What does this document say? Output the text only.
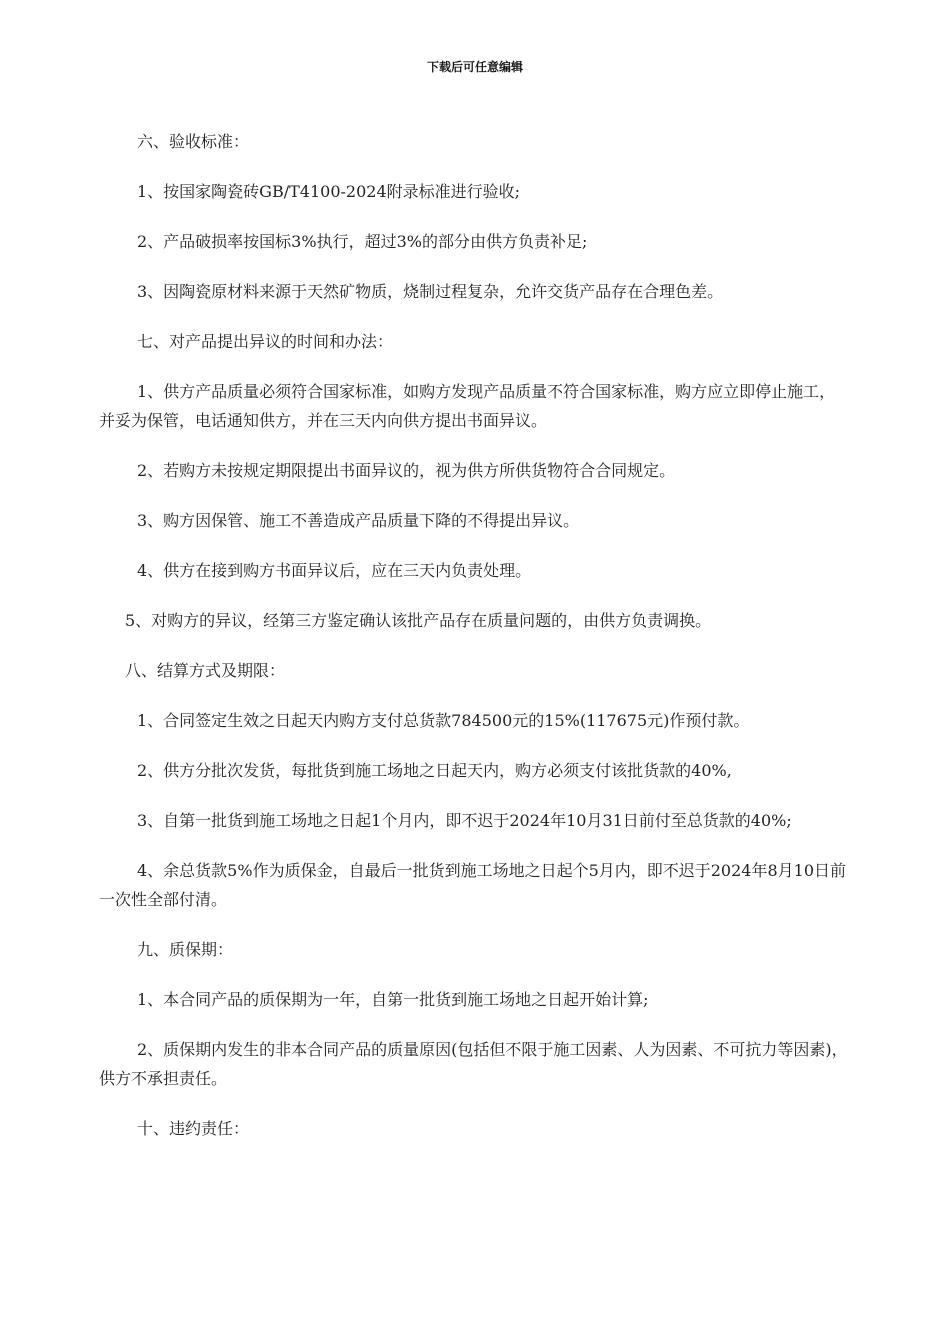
下载后可任意编辑

六、验收标准：

1、按国家陶瓷砖GB/T4100-2024附录标准进行验收;

2、产品破损率按国标3%执行，超过3%的部分由供方负责补足;

3、因陶瓷原材料来源于天然矿物质，烧制过程复杂，允许交货产品存在合理色差。

七、对产品提出异议的时间和办法：

1、供方产品质量必须符合国家标准，如购方发现产品质量不符合国家标准，购方应立即停止施工，并妥为保管，电话通知供方，并在三天内向供方提出书面异议。

2、若购方未按规定期限提出书面异议的，视为供方所供货物符合合同规定。

3、购方因保管、施工不善造成产品质量下降的不得提出异议。

4、供方在接到购方书面异议后，应在三天内负责处理。

5、对购方的异议，经第三方鉴定确认该批产品存在质量问题的，由供方负责调换。

八、结算方式及期限：

1、合同签定生效之日起天内购方支付总货款784500元的15%(117675元)作预付款。

2、供方分批次发货，每批货到施工场地之日起天内，购方必须支付该批货款的40%,

3、自第一批货到施工场地之日起1个月内，即不迟于2024年10月31日前付至总货款的40%;

4、余总货款5%作为质保金，自最后一批货到施工场地之日起个5月内，即不迟于2024年8月10日前一次性全部付清。

九、质保期：

1、本合同产品的质保期为一年，自第一批货到施工场地之日起开始计算;

2、质保期内发生的非本合同产品的质量原因(包括但不限于施工因素、人为因素、不可抗力等因素)，供方不承担责任。

十、违约责任：
